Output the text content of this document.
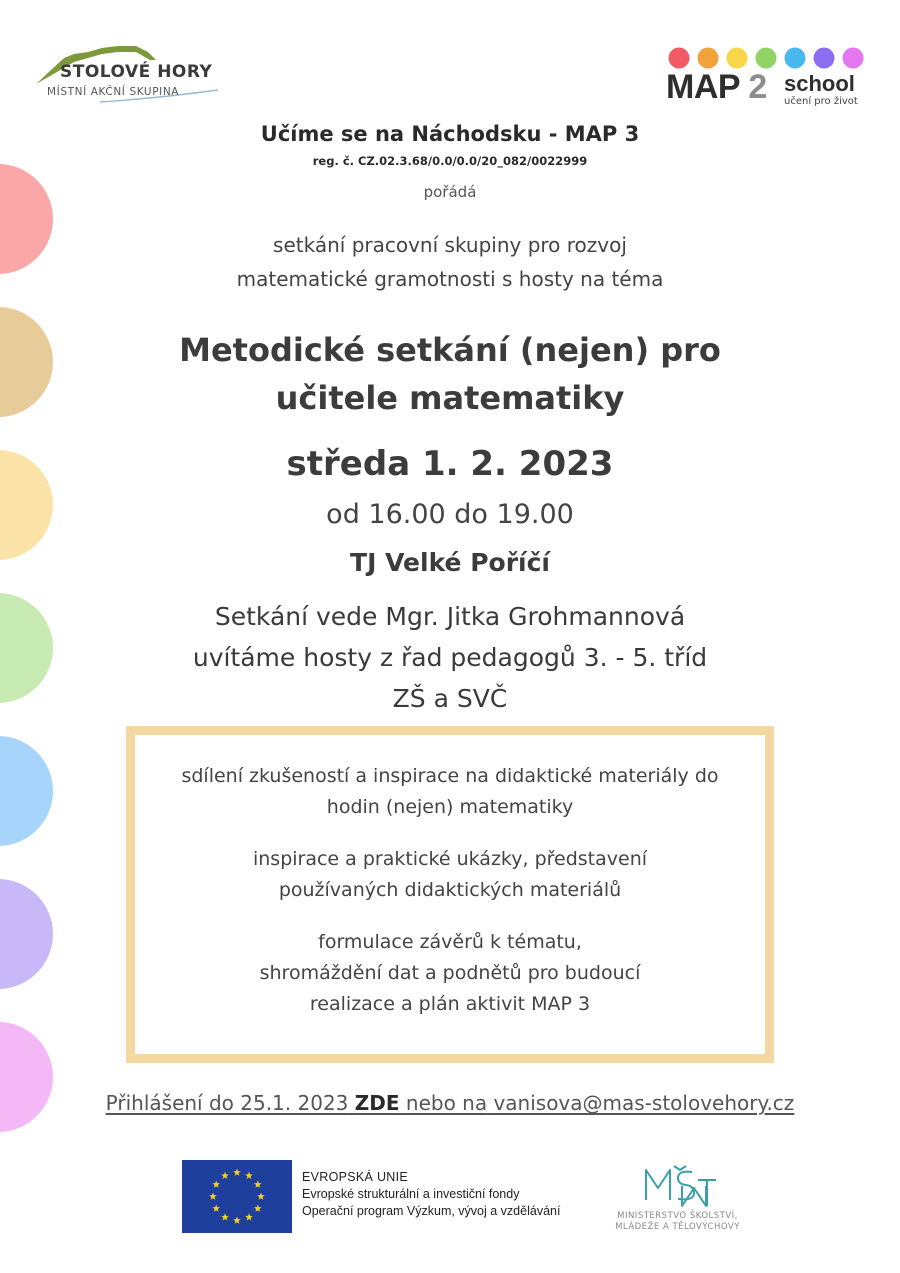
STOLOVÉ HORY
MÍSTNÍ AKČNÍ SKUPINA	MAP 2 school
učení pro život
Učíme se na Náchodsku - MAP 3
reg. č. CZ.02.3.68/0.0/0.0/20_082/0022999
pořádá
setkání pracovní skupiny pro rozvoj
matematické gramotnosti s hosty na téma
Metodické setkání (nejen) pro
učitele matematiky
středa 1. 2. 2023
od 16.00 do 19.00
TJ Velké Poříčí
Setkání vede Mgr. Jitka Grohmannová
uvítáme hosty z řad pedagogů 3. - 5. tříd
ZŠ a SVČ
sdílení zkušeností a inspirace na didaktické materiály do
hodin (nejen) matematiky
inspirace a praktické ukázky, představení
používaných didaktických materiálů
formulace závěrů k tématu,
shromáždění dat a podnětů pro budoucí
realizace a plán aktivit MAP 3
Přihlášení do 25.1. 2023 ZDE nebo na vanisova@mas-stolovehory.cz
EVROPSKÁ UNIE
Evropské strukturální a investiční fondy
Operační program Výzkum, vývoj a vzdělávání	MINISTERSTVO ŠKOLSTVÍ,
MLÁDEŽE A TĚLOVÝCHOVY
